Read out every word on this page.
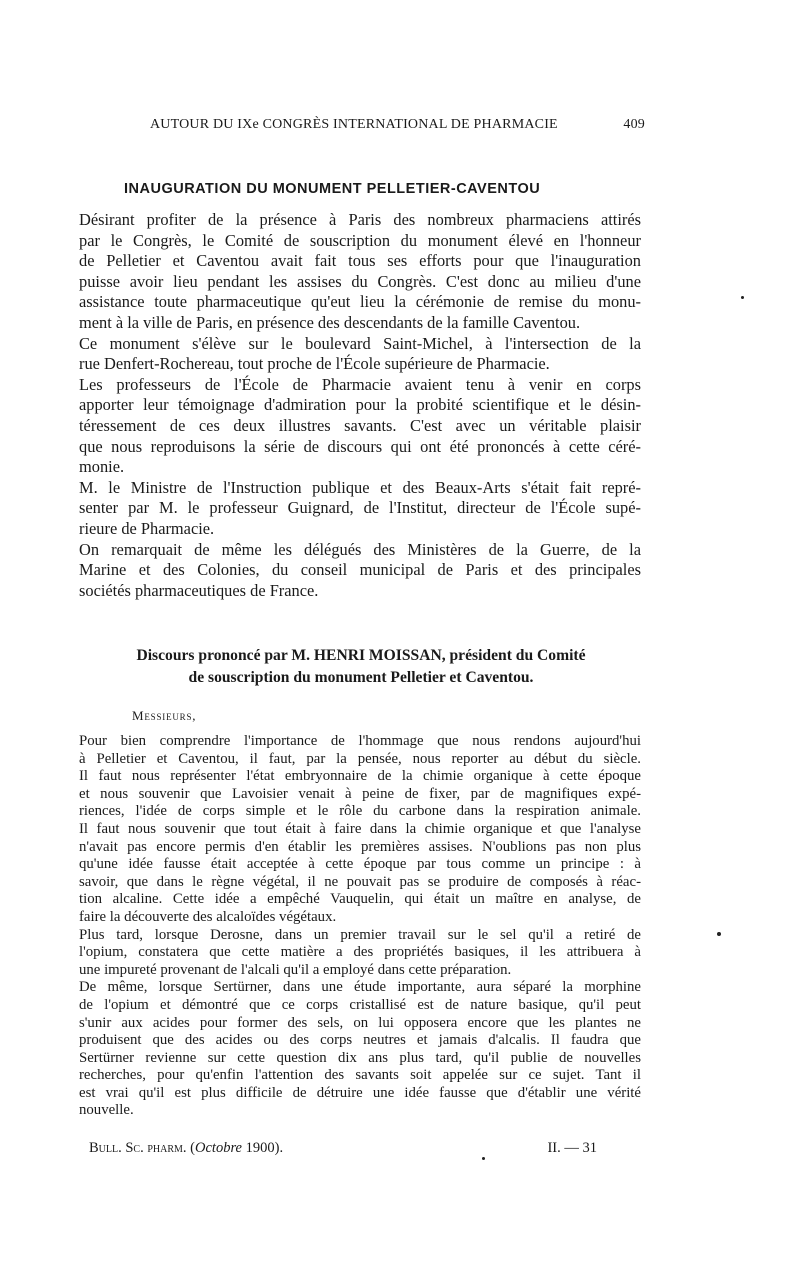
AUTOUR DU IXe CONGRÈS INTERNATIONAL DE PHARMACIE	409
INAUGURATION DU MONUMENT PELLETIER-CAVENTOU
Désirant profiter de la présence à Paris des nombreux pharmaciens attirés
par le Congrès, le Comité de souscription du monument élevé en l'honneur
de Pelletier et Caventou avait fait tous ses efforts pour que l'inauguration
puisse avoir lieu pendant les assises du Congrès. C'est donc au milieu d'une
assistance toute pharmaceutique qu'eut lieu la cérémonie de remise du monu-
ment à la ville de Paris, en présence des descendants de la famille Caventou.
Ce monument s'élève sur le boulevard Saint-Michel, à l'intersection de la
rue Denfert-Rochereau, tout proche de l'École supérieure de Pharmacie.
Les professeurs de l'École de Pharmacie avaient tenu à venir en corps
apporter leur témoignage d'admiration pour la probité scientifique et le désin-
téressement de ces deux illustres savants. C'est avec un véritable plaisir
que nous reproduisons la série de discours qui ont été prononcés à cette céré-
monie.
M. le Ministre de l'Instruction publique et des Beaux-Arts s'était fait repré-
senter par M. le professeur Guignard, de l'Institut, directeur de l'École supé-
rieure de Pharmacie.
On remarquait de même les délégués des Ministères de la Guerre, de la
Marine et des Colonies, du conseil municipal de Paris et des principales
sociétés pharmaceutiques de France.
Discours prononcé par M. HENRI MOISSAN, président du Comité
de souscription du monument Pelletier et Caventou.
Messieurs,
Pour bien comprendre l'importance de l'hommage que nous rendons aujourd'hui
à Pelletier et Caventou, il faut, par la pensée, nous reporter au début du siècle.
Il faut nous représenter l'état embryonnaire de la chimie organique à cette époque
et nous souvenir que Lavoisier venait à peine de fixer, par de magnifiques expé-
riences, l'idée de corps simple et le rôle du carbone dans la respiration animale.
Il faut nous souvenir que tout était à faire dans la chimie organique et que l'analyse
n'avait pas encore permis d'en établir les premières assises. N'oublions pas non plus
qu'une idée fausse était acceptée à cette époque par tous comme un principe : à
savoir, que dans le règne végétal, il ne pouvait pas se produire de composés à réac-
tion alcaline. Cette idée a empêché Vauquelin, qui était un maître en analyse, de
faire la découverte des alcaloïdes végétaux.
Plus tard, lorsque Derosne, dans un premier travail sur le sel qu'il a retiré de
l'opium, constatera que cette matière a des propriétés basiques, il les attribuera à
une impureté provenant de l'alcali qu'il a employé dans cette préparation.
De même, lorsque Sertürner, dans une étude importante, aura séparé la morphine
de l'opium et démontré que ce corps cristallisé est de nature basique, qu'il peut
s'unir aux acides pour former des sels, on lui opposera encore que les plantes ne
produisent que des acides ou des corps neutres et jamais d'alcalis. Il faudra que
Sertürner revienne sur cette question dix ans plus tard, qu'il publie de nouvelles
recherches, pour qu'enfin l'attention des savants soit appelée sur ce sujet. Tant il
est vrai qu'il est plus difficile de détruire une idée fausse que d'établir une vérité
nouvelle.
Bull. Sc. pharm. (Octobre 1900).	II. — 31
